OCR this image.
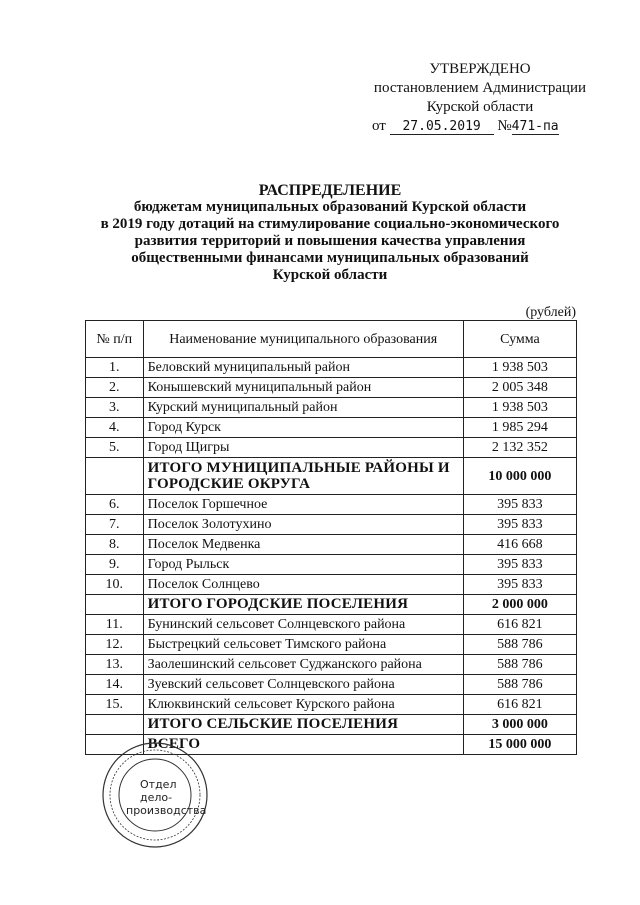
УТВЕРЖДЕНО
постановлением Администрации
Курской области
от 27.05.2019 №471-па
РАСПРЕДЕЛЕНИЕ
бюджетам муниципальных образований Курской области
в 2019 году дотаций на стимулирование социально-экономического
развития территорий и повышения качества управления
общественными финансами муниципальных образований
Курской области
(рублей)
№ п/п	Наименование муниципального образования	Сумма
1.	Беловский муниципальный район	1 938 503
2.	Конышевский муниципальный район	2 005 348
3.	Курский муниципальный район	1 938 503
4.	Город Курск	1 985 294
5.	Город Щигры	2 132 352
	ИТОГО МУНИЦИПАЛЬНЫЕ РАЙОНЫ И ГОРОДСКИЕ ОКРУГА	10 000 000
6.	Поселок Горшечное	395 833
7.	Поселок Золотухино	395 833
8.	Поселок Медвенка	416 668
9.	Город Рыльск	395 833
10.	Поселок Солнцево	395 833
	ИТОГО ГОРОДСКИЕ ПОСЕЛЕНИЯ	2 000 000
11.	Бунинский сельсовет Солнцевского района	616 821
12.	Быстрецкий сельсовет Тимского района	588 786
13.	Заолешинский сельсовет Суджанского района	588 786
14.	Зуевский сельсовет Солнцевского района	588 786
15.	Клюквинский сельсовет Курского района	616 821
	ИТОГО СЕЛЬСКИЕ ПОСЕЛЕНИЯ	3 000 000
	ВСЕГО	15 000 000
Отдел
дело-
производства
